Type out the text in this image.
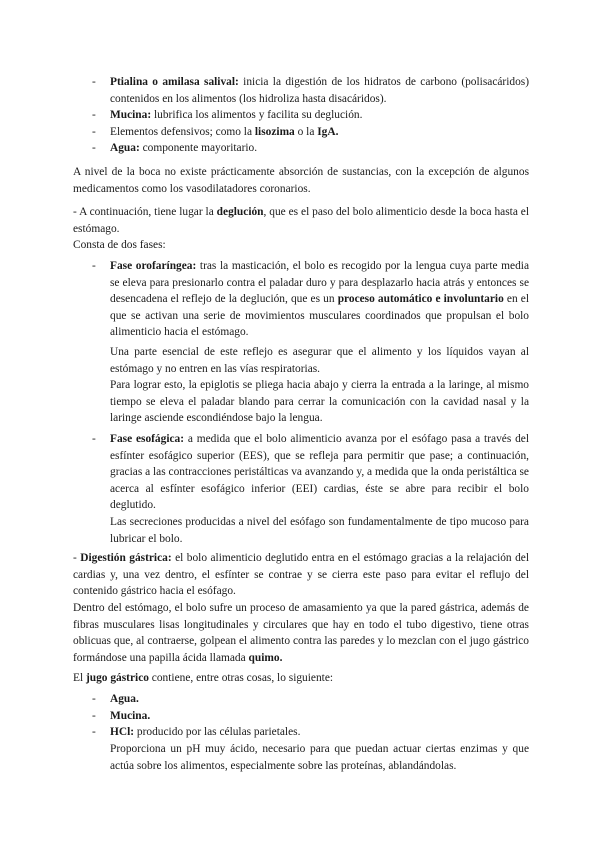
- Ptialina o amilasa salival: inicia la digestión de los hidratos de carbono (polisacáridos) contenidos en los alimentos (los hidroliza hasta disacáridos).
- Mucina: lubrifica los alimentos y facilita su deglución.
- Elementos defensivos; como la lisozima o la IgA.
- Agua: componente mayoritario.

A nivel de la boca no existe prácticamente absorción de sustancias, con la excepción de algunos medicamentos como los vasodilatadores coronarios.

- A continuación, tiene lugar la deglución, que es el paso del bolo alimenticio desde la boca hasta el estómago.

Consta de dos fases:

- Fase orofaríngea: tras la masticación, el bolo es recogido por la lengua cuya parte media se eleva para presionarlo contra el paladar duro y para desplazarlo hacia atrás y entonces se desencadena el reflejo de la deglución, que es un proceso automático e involuntario en el que se activan una serie de movimientos musculares coordinados que propulsan el bolo alimenticio hacia el estómago.

Una parte esencial de este reflejo es asegurar que el alimento y los líquidos vayan al estómago y no entren en las vías respiratorias.

Para lograr esto, la epiglotis se pliega hacia abajo y cierra la entrada a la laringe, al mismo tiempo se eleva el paladar blando para cerrar la comunicación con la cavidad nasal y la laringe asciende escondiéndose bajo la lengua.

- Fase esofágica: a medida que el bolo alimenticio avanza por el esófago pasa a través del esfínter esofágico superior (EES), que se refleja para permitir que pase; a continuación, gracias a las contracciones peristálticas va avanzando y, a medida que la onda peristáltica se acerca al esfínter esofágico inferior (EEI) cardias, éste se abre para recibir el bolo deglutido.

Las secreciones producidas a nivel del esófago son fundamentalmente de tipo mucoso para lubricar el bolo.

- Digestión gástrica: el bolo alimenticio deglutido entra en el estómago gracias a la relajación del cardias y, una vez dentro, el esfínter se contrae y se cierra este paso para evitar el reflujo del contenido gástrico hacia el esófago.

Dentro del estómago, el bolo sufre un proceso de amasamiento ya que la pared gástrica, además de fibras musculares lisas longitudinales y circulares que hay en todo el tubo digestivo, tiene otras oblicuas que, al contraerse, golpean el alimento contra las paredes y lo mezclan con el jugo gástrico formándose una papilla ácida llamada quimo.

El jugo gástrico contiene, entre otras cosas, lo siguiente:

- Agua.
- Mucina.
- HCl: producido por las células parietales.

Proporciona un pH muy ácido, necesario para que puedan actuar ciertas enzimas y que actúa sobre los alimentos, especialmente sobre las proteínas, ablandándolas.
